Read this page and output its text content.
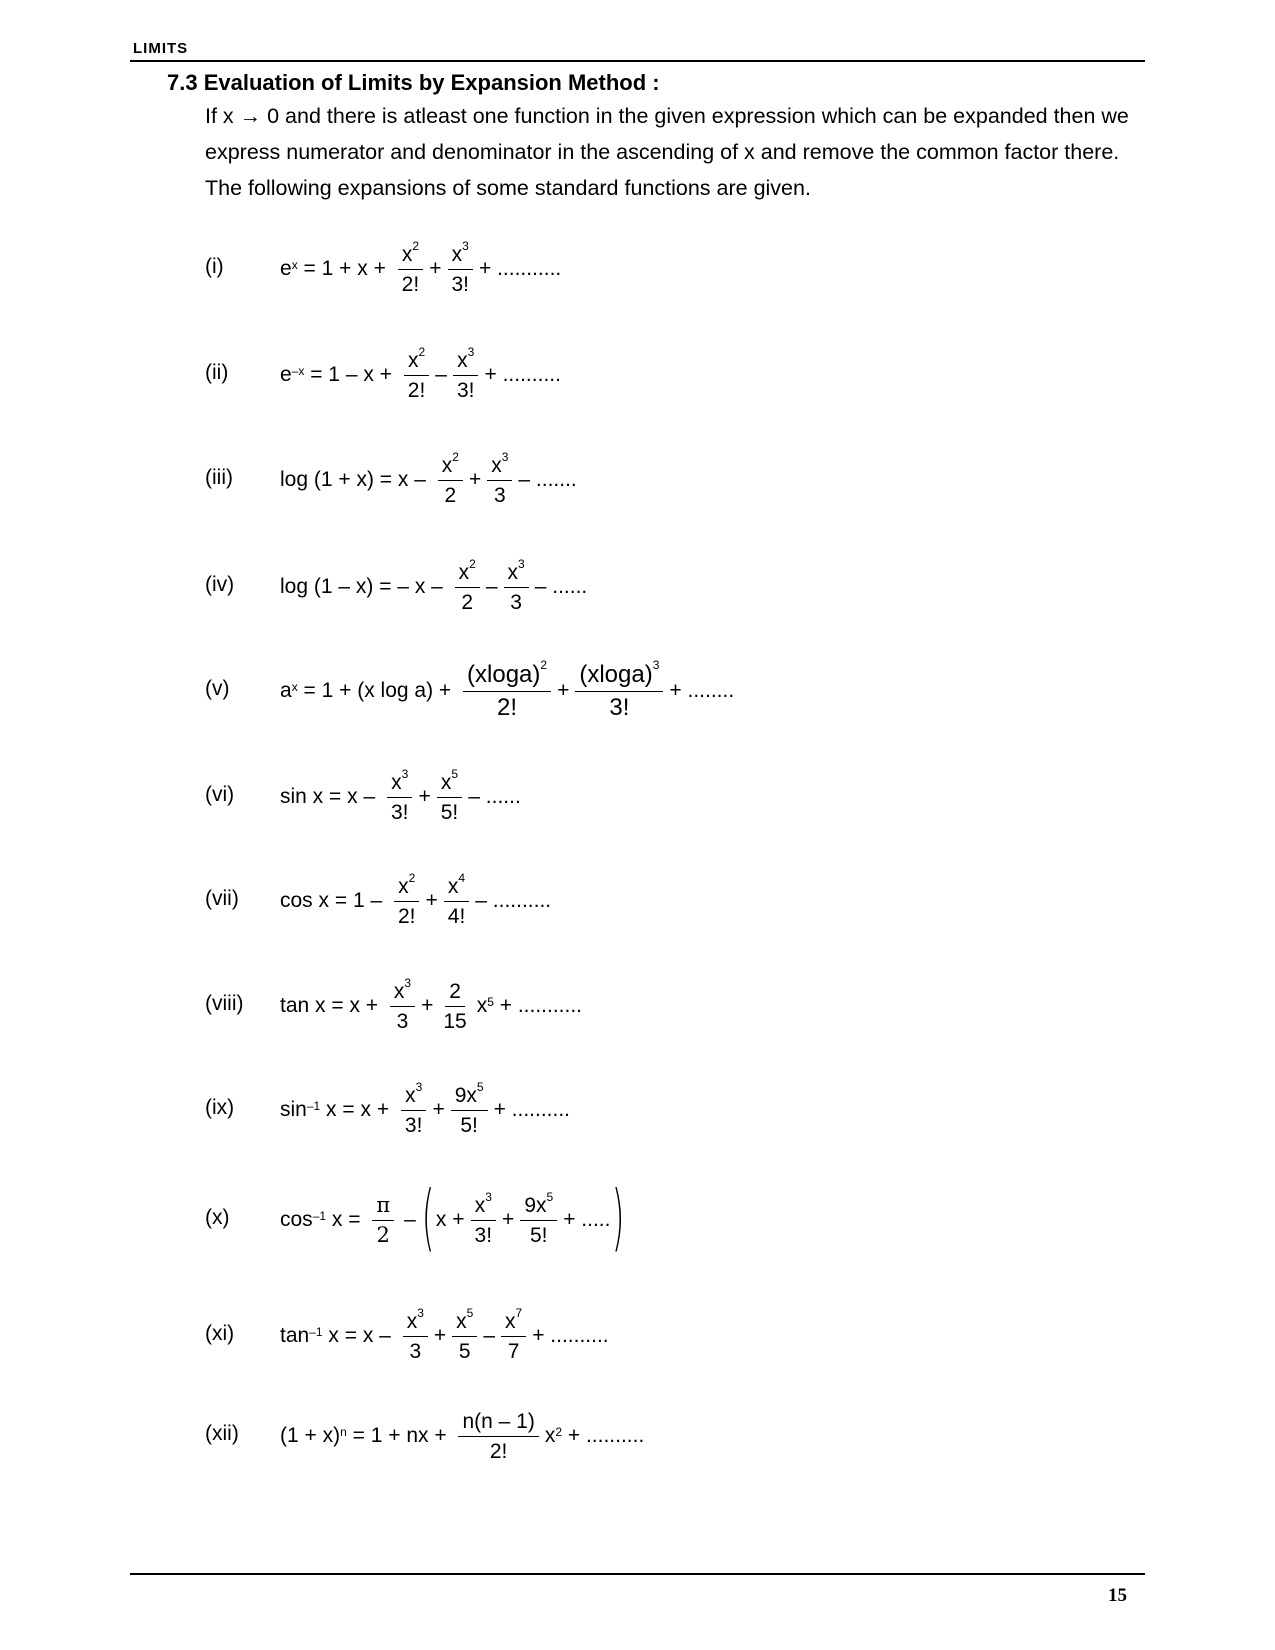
LIMITS
7.3 Evaluation of Limits by Expansion Method :

If x → 0 and there is atleast one function in the given expression which can be expanded then we

express numerator and denominator in the ascending of x and remove the common factor there.

The following expansions of some standard functions are given.

(i)	$e^x = 1 + x + \frac{x^2}{2!} + \frac{x^3}{3!}$ + ...........
(ii) $e^{-x} = 1 - x + \frac{x^2}{2!} - \frac{x^3}{3!}$ + ..........
(iii) $\log (1 + x) = x - \frac{x^2}{2} + \frac{x^3}{3}$ – .......
(iv) log (1 – x) = – x – $\frac{x^2}{2} - \frac{x^3}{3}$ – ......
(v) $a^x = 1 + (x$ $\log a) + \frac{(xloga)^2}{2!} + \frac{(xloga)^3}{3!}$ + ........
(vi) $\sin x = x - \frac{x^3}{3!} + \frac{x^5}{5!}$ – ......
(vii) $\cos x = 1 - \frac{x^2}{2!} + \frac{x^4}{4!}$ – ..........
(viii) $\tan x = x + \frac{x^3}{3} + \frac{2}{15} x^5$ + ...........
(ix) $\sin^{-1} x = x + \frac{x^3}{3!} + \frac{9x^5}{5!}$ + ..........
(x) $\cos^{-1} x = \frac{\pi}{2}$ – ( $x + \frac{x^3}{3!} + \frac{9x^5}{5!}$ + ..... )
(xi) $\tan^{-1} x = x - \frac{x^3}{3} + \frac{x^5}{5} - \frac{x^7}{7}$ + ..........
(xii) $(1 + x)^n = 1$ + nx + $\frac{n(n - 1)}{2!} x^2$ + ..........
15
